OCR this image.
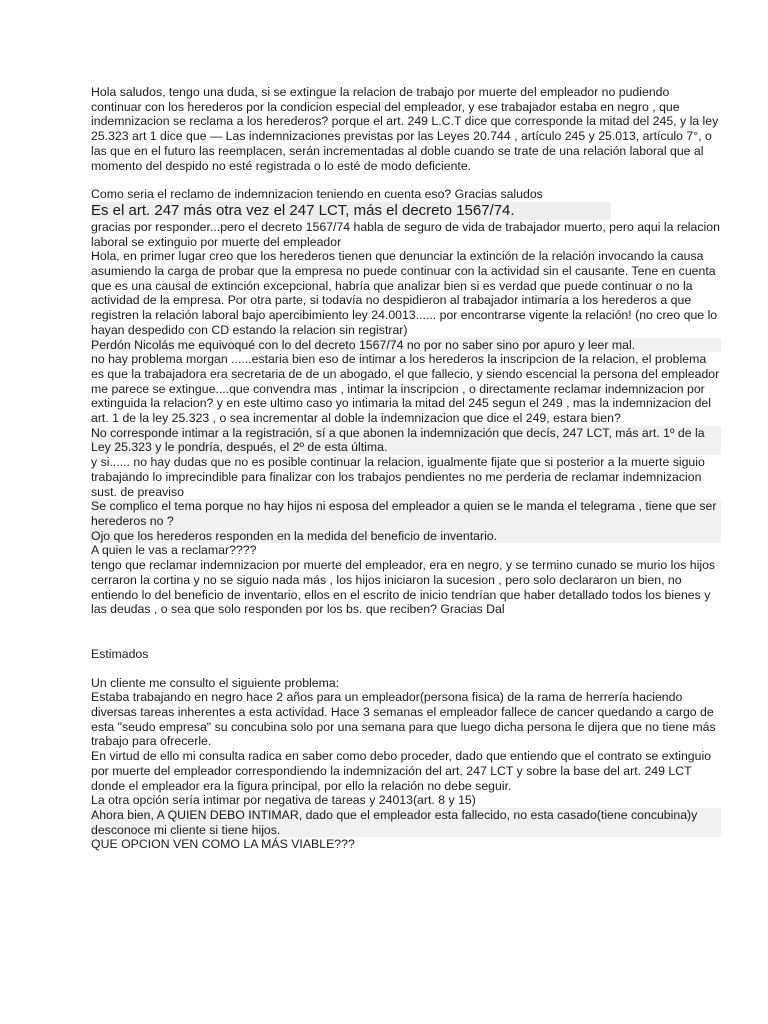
Hola saludos, tengo una duda, si se extingue la relacion de trabajo por muerte del empleador no pudiendo continuar con los herederos por la condicion especial del empleador, y ese trabajador estaba en negro , que indemnizacion se reclama a los herederos? porque el art. 249 L.C.T dice que corresponde la mitad del 245, y la ley 25.323 art 1 dice que — Las indemnizaciones previstas por las Leyes 20.744 , artículo 245 y 25.013, artículo 7°, o las que en el futuro las reemplacen, serán incrementadas al doble cuando se trate de una relación laboral que al momento del despido no esté registrada o lo esté de modo deficiente.

Como seria el reclamo de indemnizacion teniendo en cuenta eso? Gracias saludos

Es el art. 247 más otra vez el 247 LCT, más el decreto 1567/74.

gracias por responder...pero el decreto 1567/74 habla de seguro de vida de trabajador muerto, pero aqui la relacion laboral se extinguio por muerte del empleador

Hola, en primer lugar creo que los herederos tienen que denunciar la extinción de la relación invocando la causa asumiendo la carga de probar que la empresa no puede continuar con la actividad sin el causante. Tene en cuenta que es una causal de extinción excepcional, habría que analizar bien si es verdad que puede continuar o no la actividad de la empresa. Por otra parte, si todavía no despidieron al trabajador intimaría a los herederos a que registren la relación laboral bajo apercibimiento ley 24.0013...... por encontrarse vigente la relación! (no creo que lo hayan despedido con CD estando la relacion sin registrar)

Perdón Nicolás me equivoqué con lo del decreto 1567/74 no por no saber sino por apuro y leer mal.

no hay problema morgan ......estaria bien eso de intimar a los herederos la inscripcion de la relacion, el problema es que la trabajadora era secretaria de de un abogado, el que fallecio, y siendo escencial la persona del empleador me parece se extingue....que convendra mas , intimar la inscripcion , o directamente reclamar indemnizacion por extinguida la relacion? y en este ultimo caso yo intimaria la mitad del 245 segun el 249 , mas la indemnizacion del art. 1 de la ley 25.323 , o sea incrementar al doble la indemnizacion que dice el 249, estara bien?

No corresponde intimar a la registración, sí a que abonen la indemnización que decís, 247 LCT, más art. 1º de la Ley 25.323 y le pondría, después, el 2º de esta última.

y si...... no hay dudas que no es posible continuar la relacion, igualmente fijate que si posterior a la muerte siguio trabajando lo imprecindible para finalizar con los trabajos pendientes no me perderia de reclamar indemnizacion sust. de preaviso

Se complico el tema porque no hay hijos ni esposa del empleador a quien se le manda el telegrama , tiene que ser herederos no ?

Ojo que los herederos responden en la medida del beneficio de inventario.

A quien le vas a reclamar????

tengo que reclamar indemnizacion por muerte del empleador, era en negro, y se termino cunado se murio los hijos cerraron la cortina y no se siguio nada más , los hijos iniciaron la sucesion , pero solo declararon un bien, no entiendo lo del beneficio de inventario, ellos en el escrito de inicio tendrían que haber detallado todos los bienes y las deudas , o sea que solo responden por los bs. que reciben? Gracias Dal

Estimados

Un cliente me consulto el siguiente problema:

Estaba trabajando en negro hace 2 años para un empleador(persona fisica) de la rama de herrería haciendo diversas tareas inherentes a esta actividad. Hace 3 semanas el empleador fallece de cancer quedando a cargo de esta "seudo empresa" su concubina solo por una semana para que luego dicha persona le dijera que no tiene más trabajo para ofrecerle.

En virtud de ello mi consulta radica en saber como debo proceder, dado que entiendo que el contrato se extinguio por muerte del empleador correspondiendo la indemnización del art. 247 LCT y sobre la base del art. 249 LCT donde el empleador era la figura principal, por ello la relación no debe seguir.

La otra opción sería intimar por negativa de tareas y 24013(art. 8 y 15)

Ahora bien, A QUIEN DEBO INTIMAR, dado que el empleador esta fallecido, no esta casado(tiene concubina)y desconoce mi cliente si tiene hijos.

QUE OPCION VEN COMO LA MÁS VIABLE???
